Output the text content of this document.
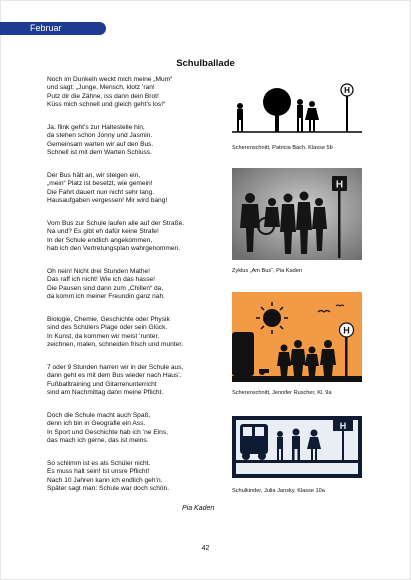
Februar
Schulballade
Noch im Dunkeln weckt mich meine „Mum“
und sagt: „Junge, Mensch, klotz ’ran!
Putz dir die Zähne, iss dann dein Brot!
Küss mich schnell und gleich geht’s los!“
Ja, flink geht’s zur Haltestelle hin,
da stehen schon Jonny und Jasmin.
Gemeinsam warten wir auf den Bus.
Schnell ist mit dem Warten Schluss.
Der Bus hält an, wir steigen ein,
„mein“ Platz ist besetzt, wie gemein!
Die Fahrt dauert nun nicht sehr lang.
Hausaufgaben vergessen! Mir wird bang!
Vom Bus zur Schule laufen alle auf der Straße.
Na und? Es gibt eh dafür keine Strafe!
In der Schule endlich angekommen,
hab ich den Vertretungsplan wahrgenommen.
Oh nein! Nicht drei Stunden Mathe!
Das raff ich nicht! Wie ich das hasse!
Die Pausen sind dann zum „Chillen“ da,
da komm ich meiner Freundin ganz nah.
Biologie, Chemie, Geschichte oder Physik
sind des Schülers Plage oder sein Glück.
In Kunst, da kommen wir meist ’runter,
zeichnen, malen, schneiden frisch und munter.
7 oder 9 Stunden harren wir in der Schule aus,
dann geht es mit dem Bus wieder nach Haus’.
Fußballtraining und Gitarrenunterricht
sind am Nachmittag dann meine Pflicht.
Doch die Schule macht auch Spaß,
denn ich bin in Geografie ein Ass.
In Sport und Geschichte hab ich ’ne Eins,
das mach ich gerne, das ist meins.
So schlimm ist es als Schüler nicht.
Es muss halt sein! Ist unsre Pflicht!
Nach 10 Jahren kann ich endlich geh’n.
Später sagt man: Schule war doch schön.
Pia Kaden
H
Scherenschnitt, Patricia Bach, Klasse 5b
H
Zyklus „Am Bus“, Pia Kaden
H
Scherenschnitt, Jennifer Ruscher, Kl. 9a
H
Schulkinder, Julia Jansky, Klasse 10a
42
